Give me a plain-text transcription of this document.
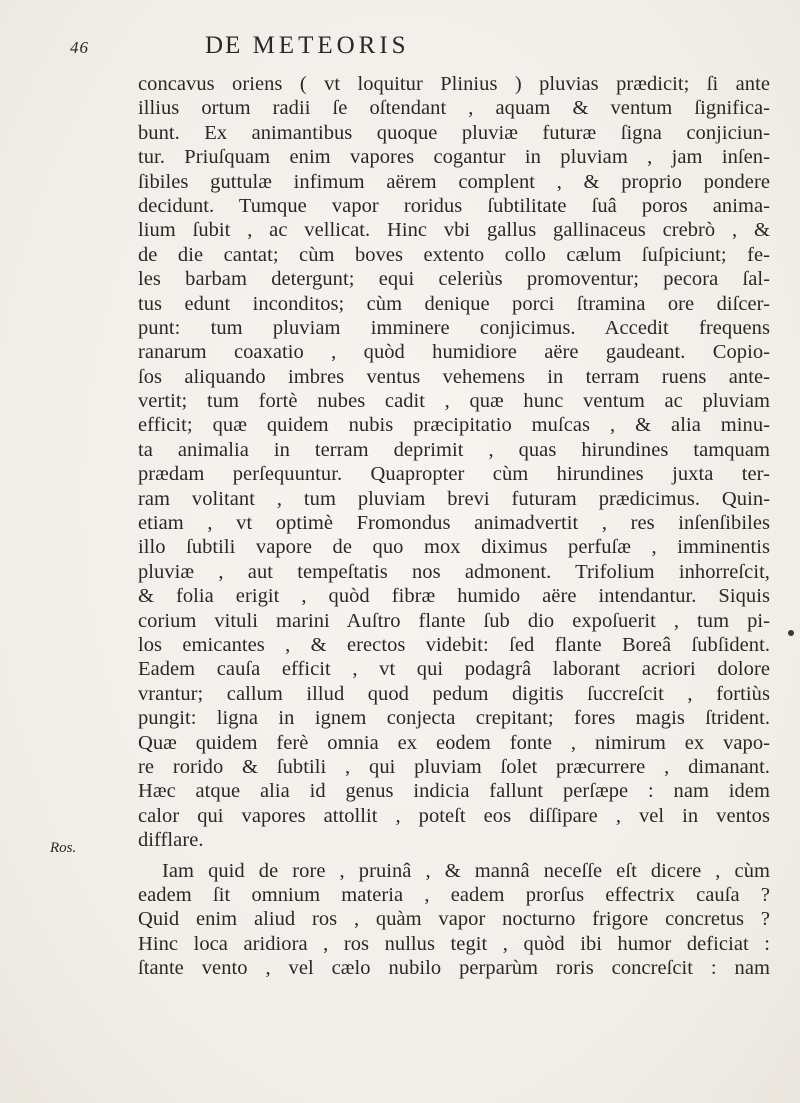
46	DE METEORIS
Ros.
concavus oriens ( vt loquitur Plinius ) pluvias prædicit; ſi ante
illius ortum radii ſe oſtendant , aquam & ventum ſignifica-
bunt. Ex animantibus quoque pluviæ futuræ ſigna conjiciun-
tur. Priuſquam enim vapores cogantur in pluviam , jam inſen-
ſibiles guttulæ infimum aërem complent , & proprio pondere
decidunt. Tumque vapor roridus ſubtilitate ſuâ poros anima-
lium ſubit , ac vellicat. Hinc vbi gallus gallinaceus crebrò , &
de die cantat; cùm boves extento collo cælum ſuſpiciunt; fe-
les barbam detergunt; equi celeriùs promoventur; pecora ſal-
tus edunt inconditos; cùm denique porci ſtramina ore diſcer-
punt: tum pluviam imminere conjicimus. Accedit frequens
ranarum coaxatio , quòd humidiore aëre gaudeant. Copio-
ſos aliquando imbres ventus vehemens in terram ruens ante-
vertit; tum fortè nubes cadit , quæ hunc ventum ac pluviam
efficit; quæ quidem nubis præcipitatio muſcas , & alia minu-
ta animalia in terram deprimit , quas hirundines tamquam
prædam perſequuntur. Quapropter cùm hirundines juxta ter-
ram volitant , tum pluviam brevi futuram prædicimus. Quin-
etiam , vt optimè Fromondus animadvertit , res inſenſibiles
illo ſubtili vapore de quo mox diximus perfuſæ , imminentis
pluviæ , aut tempeſtatis nos admonent. Trifolium inhorreſcit,
& folia erigit , quòd fibræ humido aëre intendantur. Siquis
corium vituli marini Auſtro flante ſub dio expoſuerit , tum pi-
los emicantes , & erectos videbit: ſed flante Boreâ ſubſident.
Eadem cauſa efficit , vt qui podagrâ laborant acriori dolore
vrantur; callum illud quod pedum digitis ſuccreſcit , fortiùs
pungit: ligna in ignem conjecta crepitant; fores magis ſtrident.
Quæ quidem ferè omnia ex eodem fonte , nimirum ex vapo-
re rorido & ſubtili , qui pluviam ſolet præcurrere , dimanant.
Hæc atque alia id genus indicia fallunt perſæpe : nam idem
calor qui vapores attollit , poteſt eos diſſipare , vel in ventos
difflare.
Iam quid de rore , pruinâ , & mannâ neceſſe eſt dicere , cùm
eadem ſit omnium materia , eadem prorſus effectrix cauſa ?
Quid enim aliud ros , quàm vapor nocturno frigore concretus ?
Hinc loca aridiora , ros nullus tegit , quòd ibi humor deficiat :
ſtante vento , vel cælo nubilo perparùm roris concreſcit : nam
